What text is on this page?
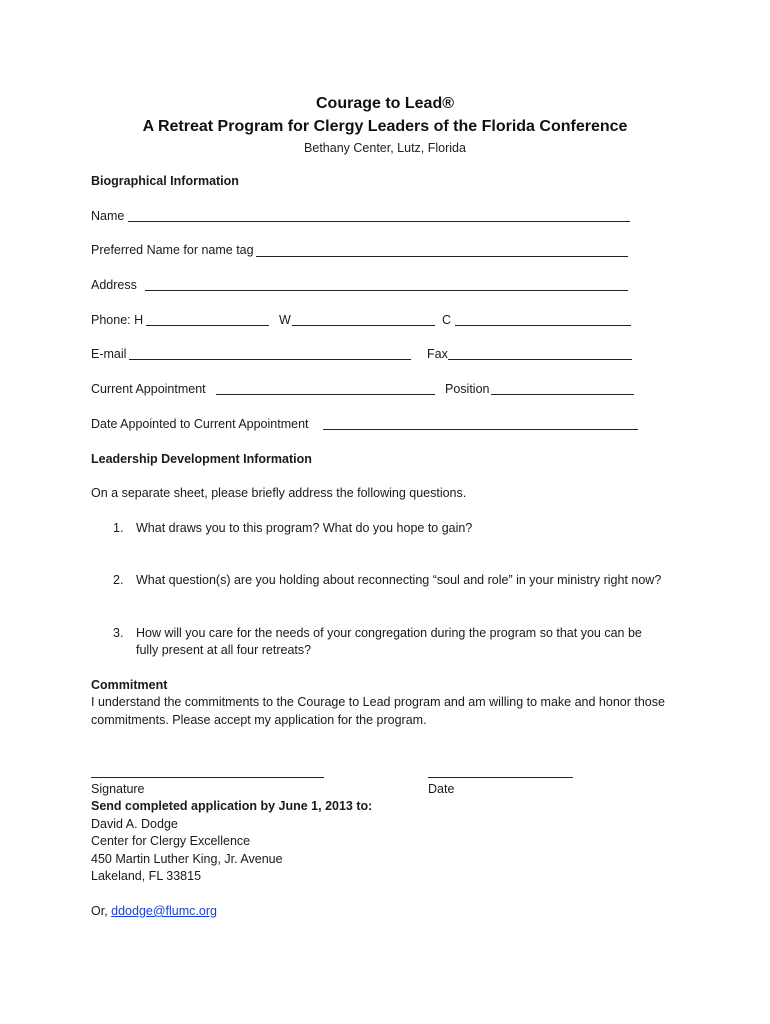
Courage to Lead®
A Retreat Program for Clergy Leaders of the Florida Conference
Bethany Center, Lutz, Florida
Biographical Information
Name
Preferred Name for name tag
Address
Phone: H	W	C
E-mail	Fax
Current Appointment	Position
Date Appointed to Current Appointment
Leadership Development Information
On a separate sheet, please briefly address the following questions.
1. What draws you to this program? What do you hope to gain?
2. What question(s) are you holding about reconnecting “soul and role” in your ministry right now?
3. How will you care for the needs of your congregation during the program so that you can be
fully present at all four retreats?
Commitment
I understand the commitments to the Courage to Lead program and am willing to make and honor those
commitments. Please accept my application for the program.
Signature	Date
Send completed application by June 1, 2013 to:
David A. Dodge
Center for Clergy Excellence
450 Martin Luther King, Jr. Avenue
Lakeland, FL 33815
Or, ddodge@flumc.org
